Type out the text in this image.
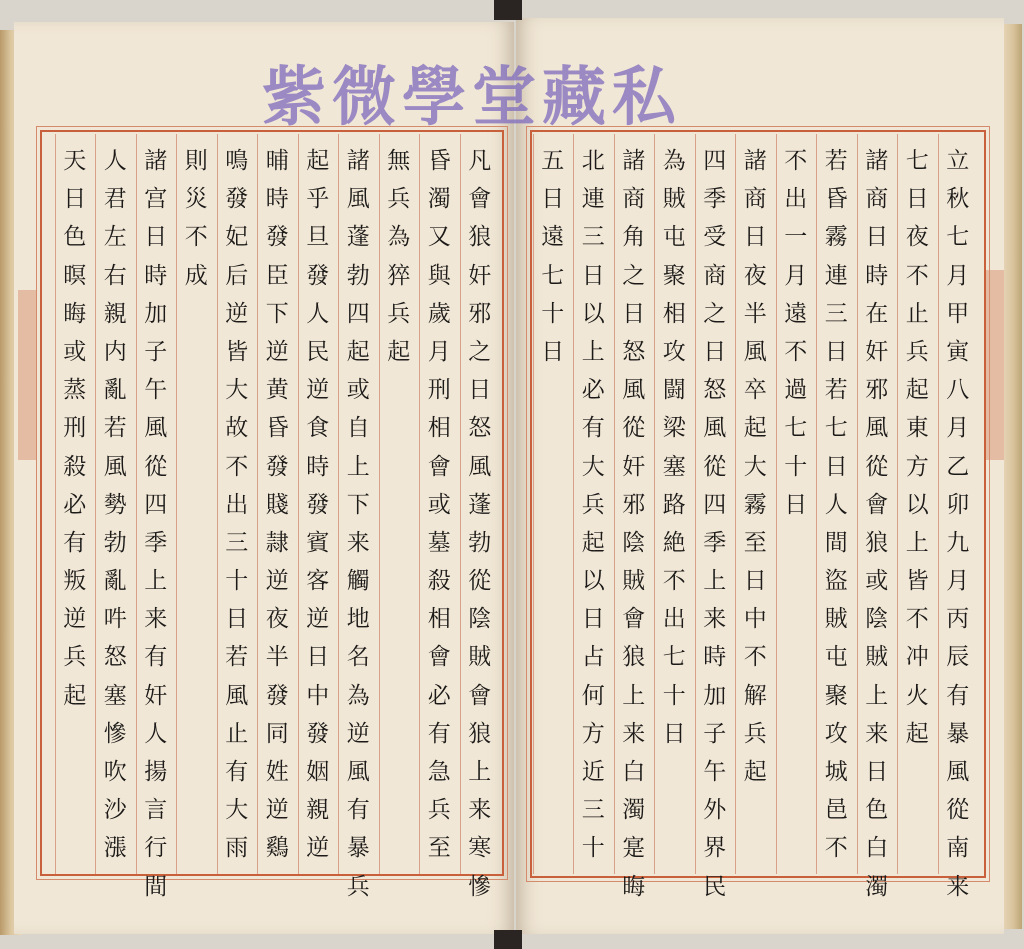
凡
會
狼
奸
邪
之
日
怒
風
蓬
勃
從
陰
賊
會
狼
上
来
寒
慘
昏
濁
又
與
歲
月
刑
相
會
或
墓
殺
相
會
必
有
急
兵
至
無
兵
為
猝
兵
起
諸
風
蓬
勃
四
起
或
自
上
下
来
觸
地
名
為
逆
風
有
暴
兵
起
乎
旦
發
人
民
逆
食
時
發
賓
客
逆
日
中
發
姻
親
逆
晡
時
發
臣
下
逆
黄
昏
發
賤
隷
逆
夜
半
發
同
姓
逆
鷄
鳴
發
妃
后
逆
皆
大
故
不
出
三
十
日
若
風
止
有
大
雨
則
災
不
成
諸
宫
日
時
加
子
午
風
從
四
季
上
来
有
奸
人
揚
言
行
間
人
君
左
右
親
内
亂
若
風
勢
勃
亂
吽
怒
塞
慘
吹
沙
漲
天
日
色
暝
晦
或
蒸
刑
殺
必
有
叛
逆
兵
起
立
秋
七
月
甲
寅
八
月
乙
卯
九
月
丙
辰
有
暴
風
從
南
来
七
日
夜
不
止
兵
起
東
方
以
上
皆
不
冲
火
起
諸
商
日
時
在
奸
邪
風
從
會
狼
或
陰
賊
上
来
日
色
白
濁
若
昏
霧
連
三
日
若
七
日
人
間
盜
賊
屯
聚
攻
城
邑
不
不
出
一
月
遠
不
過
七
十
日
諸
商
日
夜
半
風
卒
起
大
霧
至
日
中
不
解
兵
起
四
季
受
商
之
日
怒
風
從
四
季
上
来
時
加
子
午
外
界
民
為
賊
屯
聚
相
攻
闘
梁
塞
路
絶
不
出
七
十
日
諸
商
角
之
日
怒
風
從
奸
邪
陰
賊
會
狼
上
来
白
濁
寔
晦
北
連
三
日
以
上
必
有
大
兵
起
以
日
占
何
方
近
三
十
五
日
遠
七
十
日
紫微學堂藏私
